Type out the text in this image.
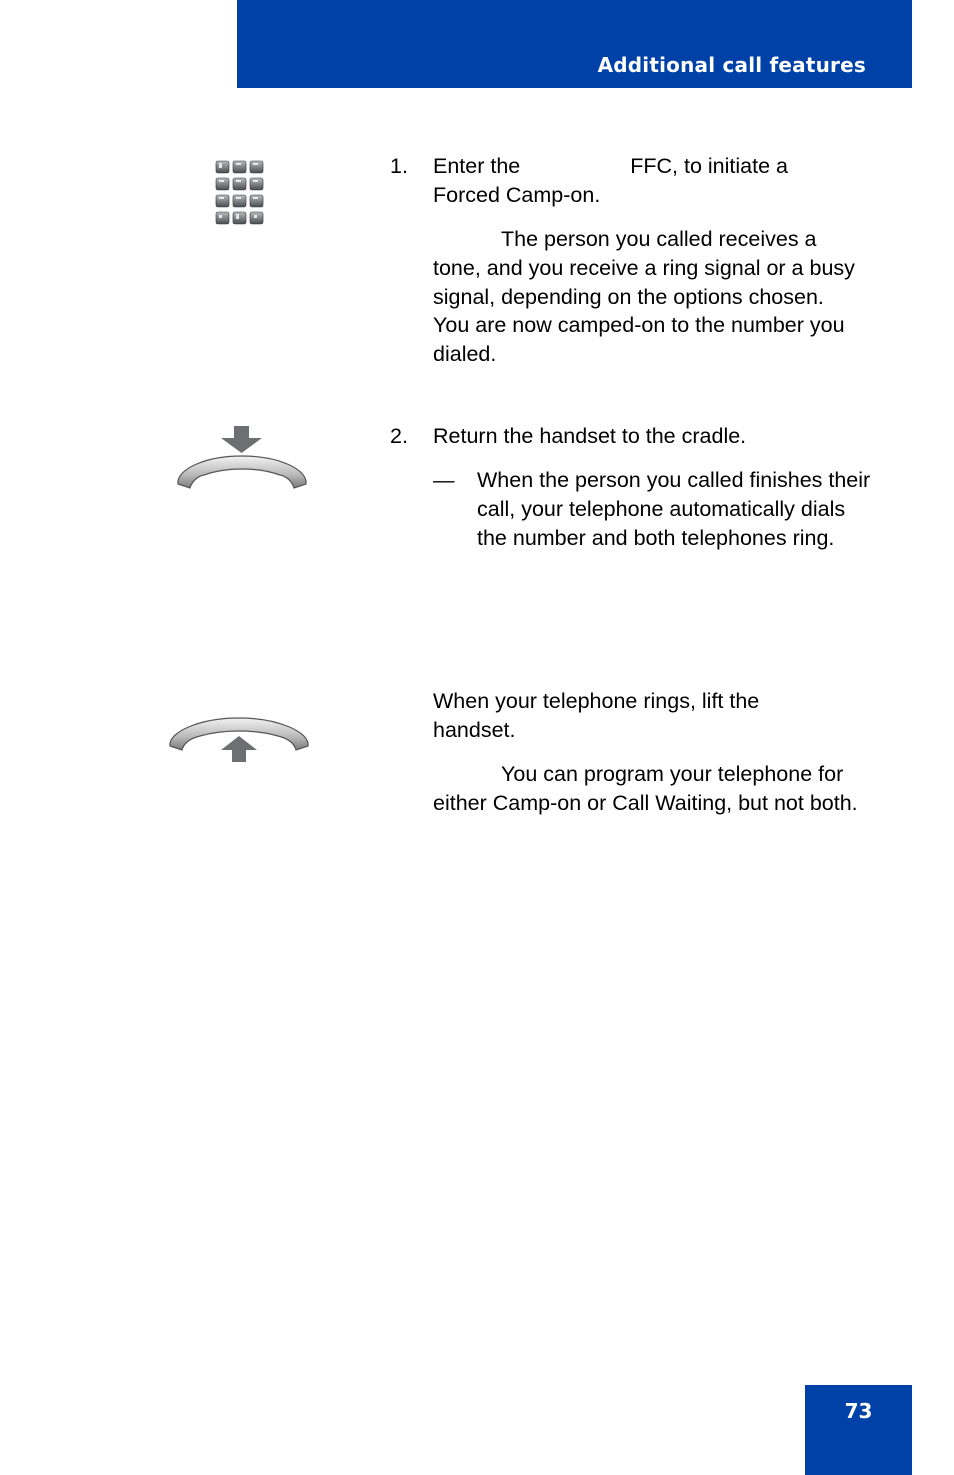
Additional call features
1. Enter the	FFC, to initiate a
Forced Camp-on.
The person you called receives a tone, and you receive a ring signal or a busy signal, depending on the options chosen. You are now camped-on to the number you dialed.
2. Return the handset to the cradle.
— When the person you called finishes their call, your telephone automatically dials the number and both telephones ring.
When your telephone rings, lift the handset.
You can program your telephone for either Camp-on or Call Waiting, but not both.
73
